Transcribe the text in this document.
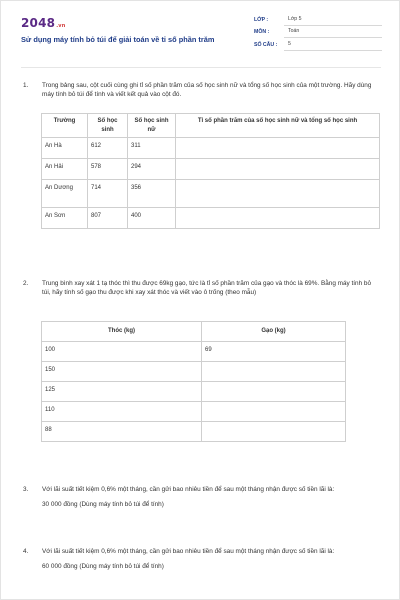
2048.vn
Sử dụng máy tính bỏ túi để giải toán về tỉ số phần trăm
LỚP :	Lớp 5
MÔN :	Toán
SỐ CÂU :	5
1. Trong bảng sau, cột cuối cùng ghi tỉ số phần trăm của số học sinh nữ và tổng số học sinh của một trường. Hãy dùng máy tính bỏ túi để tính và viết kết quả vào cột đó.
Trường	Số học sinh	Số học sinh nữ	Tỉ số phần trăm của số học sinh nữ và tổng số học sinh
An Hà	612	311	
An Hải	578	294	
An Dương	714	356	
An Sơn	807	400	
2. Trung bình xay xát 1 tạ thóc thì thu được 69kg gạo, tức là tỉ số phần trăm của gạo và thóc là 69%. Bằng máy tính bỏ túi, hãy tính số gạo thu được khi xay xát thóc và viết vào ô trống (theo mẫu)
Thóc (kg)	Gạo (kg)
100	69
150	
125	
110	
88	
3. Với lãi suất tiết kiệm 0,6% một tháng, cần gửi bao nhiêu tiền để sau một tháng nhận được số tiền lãi là:
30 000 đồng (Dùng máy tính bỏ túi để tính)
4. Với lãi suất tiết kiệm 0,6% một tháng, cần gửi bao nhiêu tiền để sau một tháng nhận được số tiền lãi là:
60 000 đồng (Dùng máy tính bỏ túi để tính)
